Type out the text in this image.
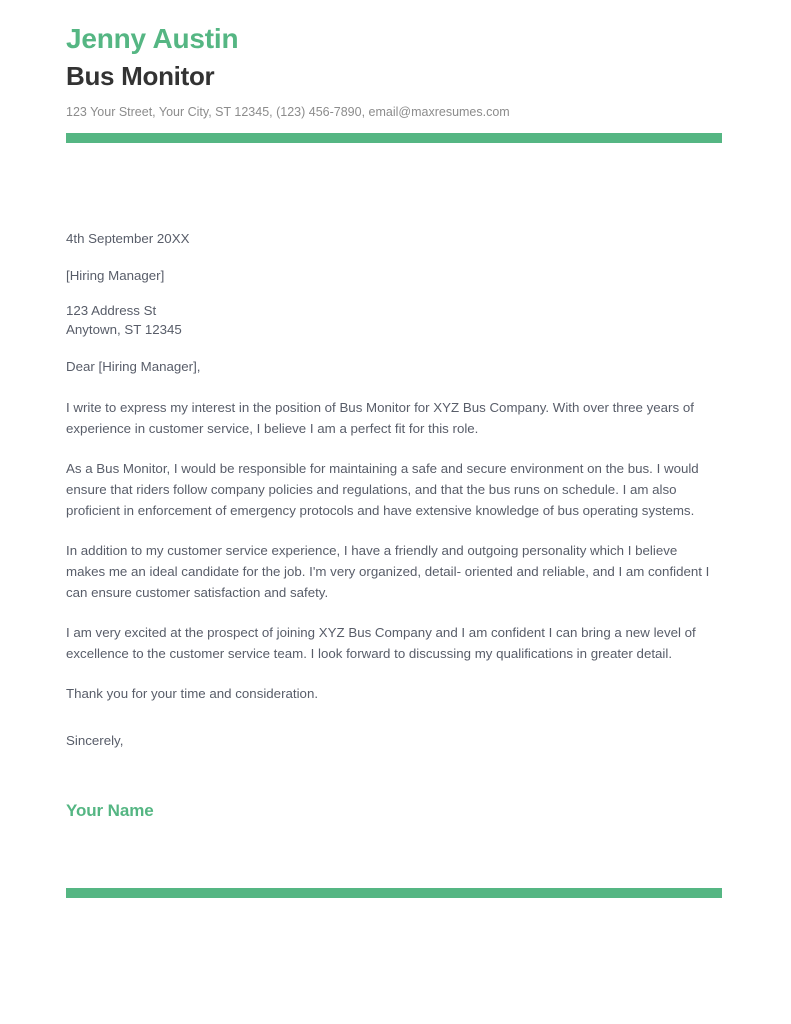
Jenny Austin
Bus Monitor

123 Your Street, Your City, ST 12345, (123) 456-7890, email@maxresumes.com

4th September 20XX

[Hiring Manager]

123 Address St
Anytown, ST 12345

Dear [Hiring Manager],

I write to express my interest in the position of Bus Monitor for XYZ Bus Company. With over three years of experience in customer service, I believe I am a perfect fit for this role.

As a Bus Monitor, I would be responsible for maintaining a safe and secure environment on the bus. I would ensure that riders follow company policies and regulations, and that the bus runs on schedule. I am also proficient in enforcement of emergency protocols and have extensive knowledge of bus operating systems.

In addition to my customer service experience, I have a friendly and outgoing personality which I believe makes me an ideal candidate for the job. I'm very organized, detail- oriented and reliable, and I am confident I can ensure customer satisfaction and safety.

I am very excited at the prospect of joining XYZ Bus Company and I am confident I can bring a new level of excellence to the customer service team. I look forward to discussing my qualifications in greater detail.

Thank you for your time and consideration.

Sincerely,

Your Name
